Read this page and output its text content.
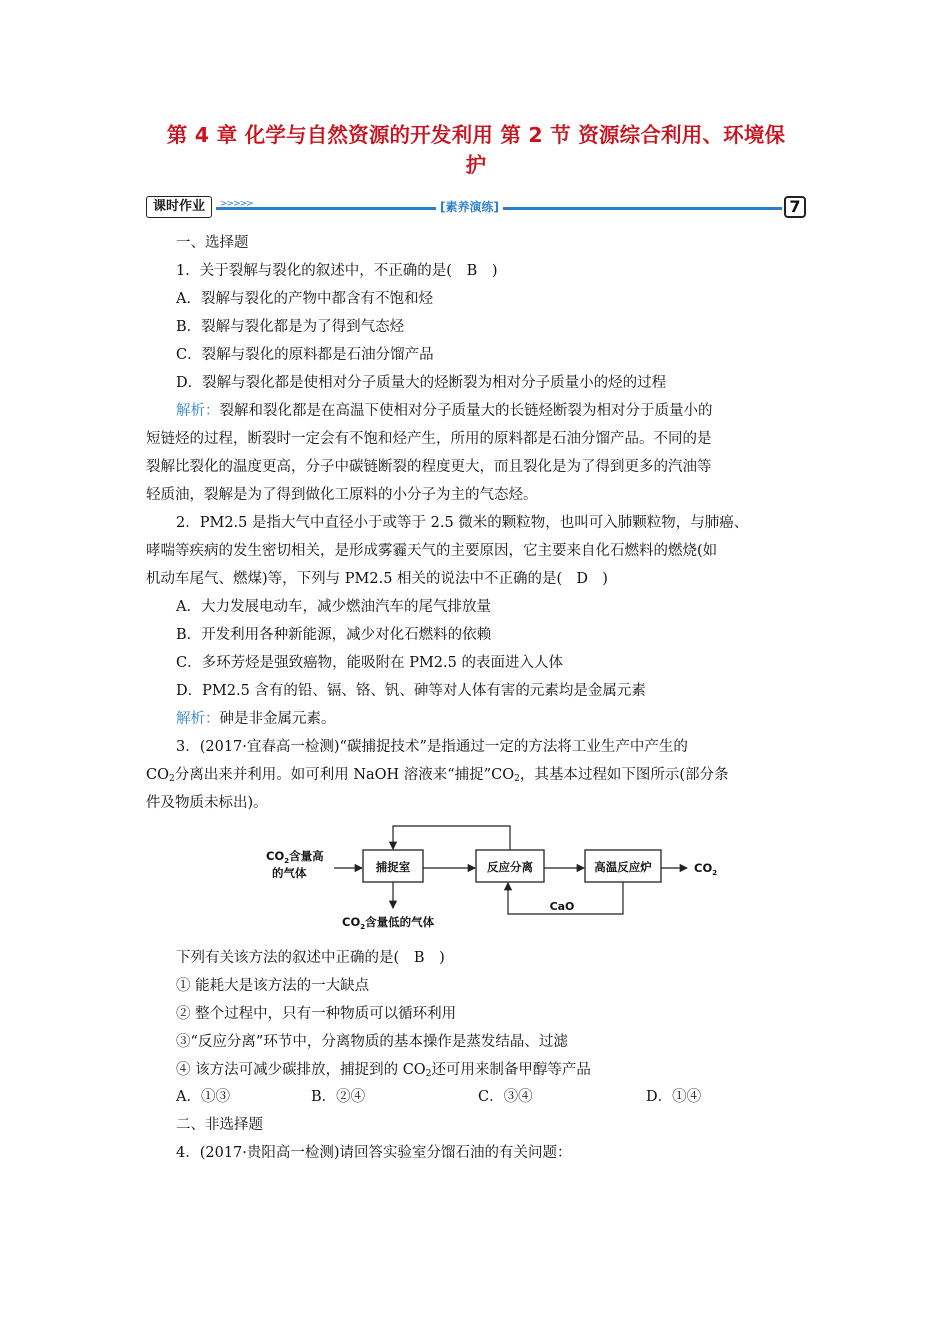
第 4 章 化学与自然资源的开发利用 第 2 节 资源综合利用、环境保
护
课时作业	>>>>>	[素养演练]	7
一、选择题
1．关于裂解与裂化的叙述中，不正确的是( B )
A．裂解与裂化的产物中都含有不饱和烃
B．裂解与裂化都是为了得到气态烃
C．裂解与裂化的原料都是石油分馏产品
D．裂解与裂化都是使相对分子质量大的烃断裂为相对分子质量小的烃的过程
解析：裂解和裂化都是在高温下使相对分子质量大的长链烃断裂为相对分于质量小的
短链烃的过程，断裂时一定会有不饱和烃产生，所用的原料都是石油分馏产品。不同的是
裂解比裂化的温度更高，分子中碳链断裂的程度更大，而且裂化是为了得到更多的汽油等
轻质油，裂解是为了得到做化工原料的小分子为主的气态烃。
2．PM2.5 是指大气中直径小于或等于 2.5 微米的颗粒物，也叫可入肺颗粒物，与肺癌、
哮喘等疾病的发生密切相关，是形成雾霾天气的主要原因，它主要来自化石燃料的燃烧(如
机动车尾气、燃煤)等，下列与 PM2.5 相关的说法中不正确的是( D )
A．大力发展电动车，减少燃油汽车的尾气排放量
B．开发利用各种新能源，减少对化石燃料的依赖
C．多环芳烃是强致癌物，能吸附在 PM2.5 的表面进入人体
D．PM2.5 含有的铅、镉、铬、钒、砷等对人体有害的元素均是金属元素
解析：砷是非金属元素。
3．(2017·宜春高一检测)“碳捕捉技术”是指通过一定的方法将工业生产中产生的
$CO_2$分离出来并利用。如可利用 NaOH 溶液来“捕捉$”CO_2$，其基本过程如下图所示(部分条
件及物质未标出)。
$CO_2$含量高
的气体	捕捉室	反应分离	高温反应炉	$CO_2$
CaO
$CO_2$含量低的气体
下列有关该方法的叙述中正确的是( B )
① 能耗大是该方法的一大缺点
② 整个过程中，只有一种物质可以循环利用
③“反应分离”环节中，分离物质的基本操作是蒸发结晶、过滤
④ 该方法可减少碳排放，捕捉到的 $CO_2$还可用来制备甲醇等产品
A．①③	B．②④	C．③④	D．①④
二、非选择题
4．(2017·贵阳高一检测)请回答实验室分馏石油的有关问题：
